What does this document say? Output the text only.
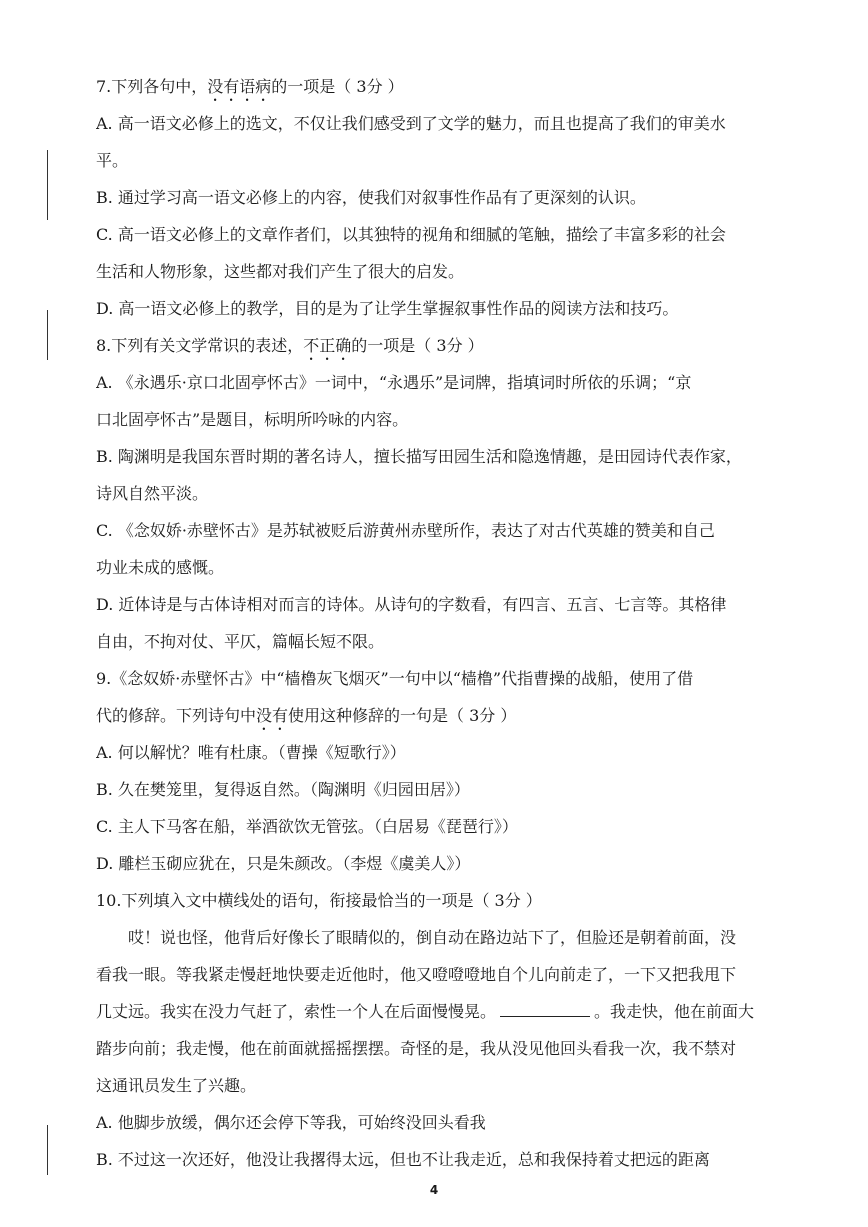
7.下列各句中，没有语病的一项是（ 3分 ）
A. 高一语文必修上的选文，不仅让我们感受到了文学的魅力，而且也提高了我们的审美水
平。
B. 通过学习高一语文必修上的内容，使我们对叙事性作品有了更深刻的认识。
C. 高一语文必修上的文章作者们，以其独特的视角和细腻的笔触，描绘了丰富多彩的社会
生活和人物形象，这些都对我们产生了很大的启发。
D. 高一语文必修上的教学，目的是为了让学生掌握叙事性作品的阅读方法和技巧。
8.下列有关文学常识的表述，不正确的一项是（ 3分 ）
A. 《永遇乐·京口北固亭怀古》一词中，“永遇乐”是词牌，指填词时所依的乐调；“京
口北固亭怀古”是题目，标明所吟咏的内容。
B. 陶渊明是我国东晋时期的著名诗人，擅长描写田园生活和隐逸情趣，是田园诗代表作家，
诗风自然平淡。
C. 《念奴娇·赤壁怀古》是苏轼被贬后游黄州赤壁所作，表达了对古代英雄的赞美和自己
功业未成的感慨。
D. 近体诗是与古体诗相对而言的诗体。从诗句的字数看，有四言、五言、七言等。其格律
自由，不拘对仗、平仄，篇幅长短不限。
9.《念奴娇·赤壁怀古》中“樯橹灰飞烟灭”一句中以“樯橹”代指曹操的战船，使用了借
代的修辞。下列诗句中没有使用这种修辞的一句是（ 3分 ）
A. 何以解忧？唯有杜康。（曹操《短歌行》）
B. 久在樊笼里，复得返自然。（陶渊明《归园田居》）
C. 主人下马客在船，举酒欲饮无管弦。（白居易《琵琶行》）
D. 雕栏玉砌应犹在，只是朱颜改。（李煜《虞美人》）
10.下列填入文中横线处的语句，衔接最恰当的一项是（ 3分 ）
哎！说也怪，他背后好像长了眼睛似的，倒自动在路边站下了，但脸还是朝着前面，没
看我一眼。等我紧走慢赶地快要走近他时，他又噔噔噔地自个儿向前走了，一下又把我甩下
几丈远。我实在没力气赶了，索性一个人在后面慢慢晃。	。我走快，他在前面大
踏步向前；我走慢，他在前面就摇摇摆摆。奇怪的是，我从没见他回头看我一次，我不禁对
这通讯员发生了兴趣。
A. 他脚步放缓，偶尔还会停下等我，可始终没回头看我
B. 不过这一次还好，他没让我撂得太远，但也不让我走近，总和我保持着丈把远的距离
4
